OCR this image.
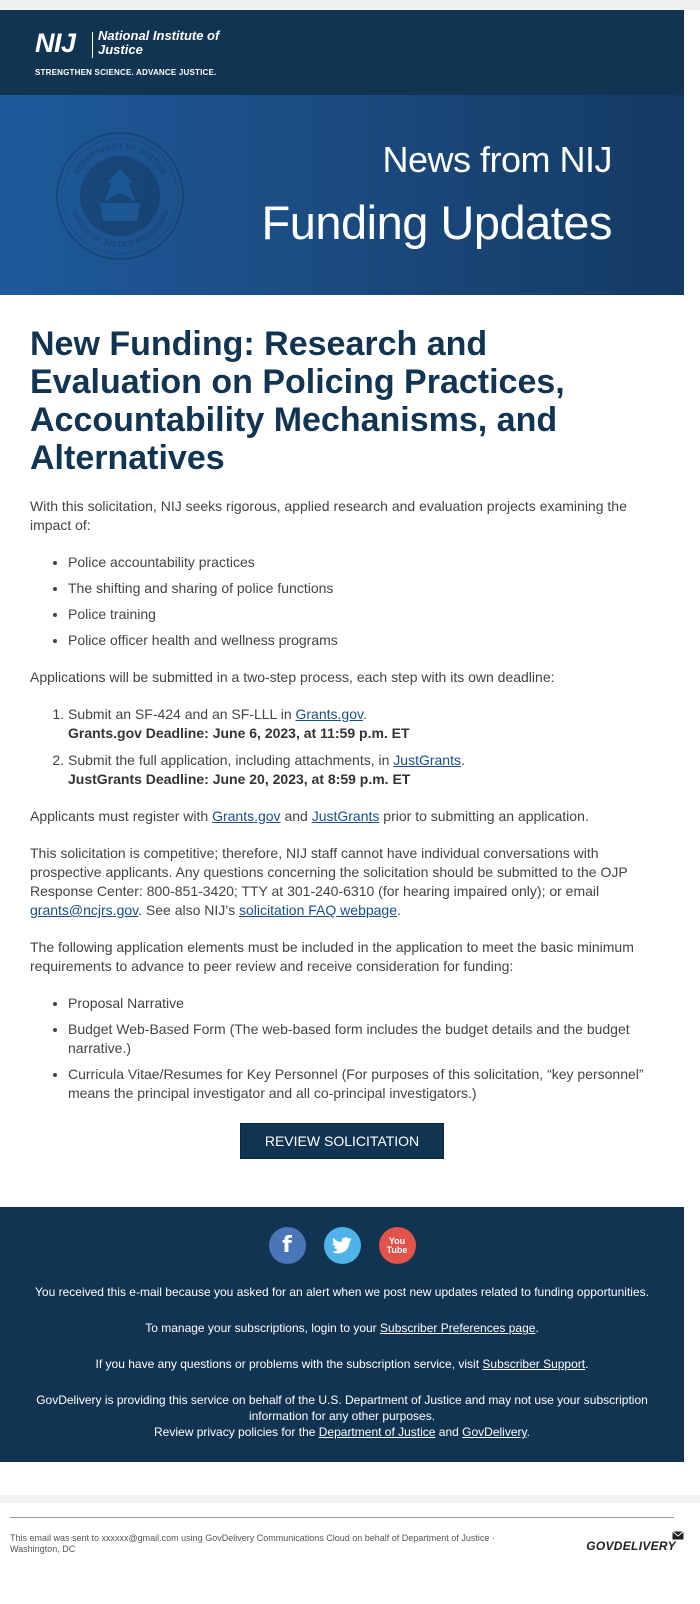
NIJ National Institute of Justice
STRENGTHEN SCIENCE. ADVANCE JUSTICE.
DEPARTMENT OF JUSTICE
OFFICE OF JUSTICE PROGRAMS
News from NIJ
Funding Updates
New Funding: Research and Evaluation on Policing Practices, Accountability Mechanisms, and Alternatives

With this solicitation, NIJ seeks rigorous, applied research and evaluation projects examining the impact of:

• Police accountability practices
• The shifting and sharing of police functions
• Police training
• Police officer health and wellness programs

Applications will be submitted in a two-step process, each step with its own deadline:

1. Submit an SF-424 and an SF-LLL in Grants.gov.
Grants.gov Deadline: June 6, 2023, at 11:59 p.m. ET
2. Submit the full application, including attachments, in JustGrants.
JustGrants Deadline: June 20, 2023, at 8:59 p.m. ET

Applicants must register with Grants.gov and JustGrants prior to submitting an application.

This solicitation is competitive; therefore, NIJ staff cannot have individual conversations with prospective applicants. Any questions concerning the solicitation should be submitted to the OJP Response Center: 800-851-3420; TTY at 301-240-6310 (for hearing impaired only); or email grants@ncjrs.gov. See also NIJ’s solicitation FAQ webpage.

The following application elements must be included in the application to meet the basic minimum requirements to advance to peer review and receive consideration for funding:

• Proposal Narrative
• Budget Web-Based Form (The web-based form includes the budget details and the budget narrative.)
• Curricula Vitae/Resumes for Key Personnel (For purposes of this solicitation, “key personnel” means the principal investigator and all co-principal investigators.)
REVIEW SOLICITATION
f	You
Tube

You received this e-mail because you asked for an alert when we post new updates related to funding opportunities.

To manage your subscriptions, login to your Subscriber Preferences page.

If you have any questions or problems with the subscription service, visit Subscriber Support.

GovDelivery is providing this service on behalf of the U.S. Department of Justice and may not use your subscription information for any other purposes.
Review privacy policies for the Department of Justice and GovDelivery.

This email was sent to xxxxxx@gmail.com using GovDelivery Communications Cloud on behalf of Department of Justice · Washington, DC	GOVDELIVERY
